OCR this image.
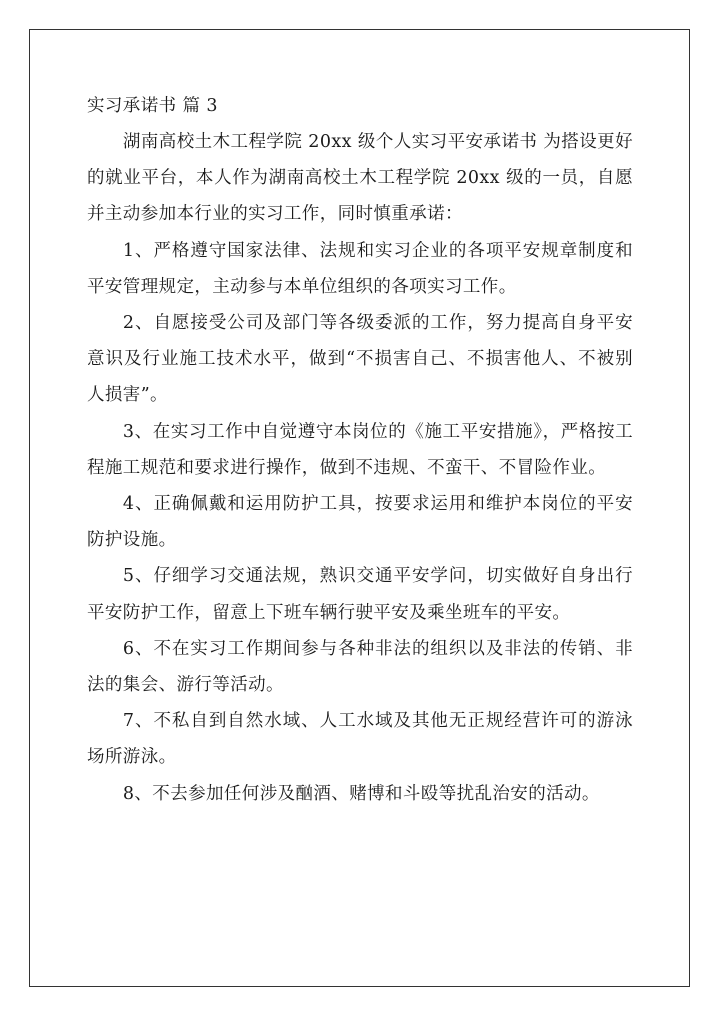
实习承诺书 篇 3

湖南高校土木工程学院 20xx 级个人实习平安承诺书 为搭设更好的就业平台，本人作为湖南高校土木工程学院 20xx 级的一员，自愿并主动参加本行业的实习工作，同时慎重承诺：

1、严格遵守国家法律、法规和实习企业的各项平安规章制度和平安管理规定，主动参与本单位组织的各项实习工作。

2、自愿接受公司及部门等各级委派的工作，努力提高自身平安意识及行业施工技术水平，做到“不损害自己、不损害他人、不被别人损害”。

3、在实习工作中自觉遵守本岗位的《施工平安措施》，严格按工程施工规范和要求进行操作，做到不违规、不蛮干、不冒险作业。

4、正确佩戴和运用防护工具，按要求运用和维护本岗位的平安防护设施。

5、仔细学习交通法规，熟识交通平安学问，切实做好自身出行平安防护工作，留意上下班车辆行驶平安及乘坐班车的平安。

6、不在实习工作期间参与各种非法的组织以及非法的传销、非法的集会、游行等活动。

7、不私自到自然水域、人工水域及其他无正规经营许可的游泳场所游泳。

8、不去参加任何涉及酗酒、赌博和斗殴等扰乱治安的活动。
